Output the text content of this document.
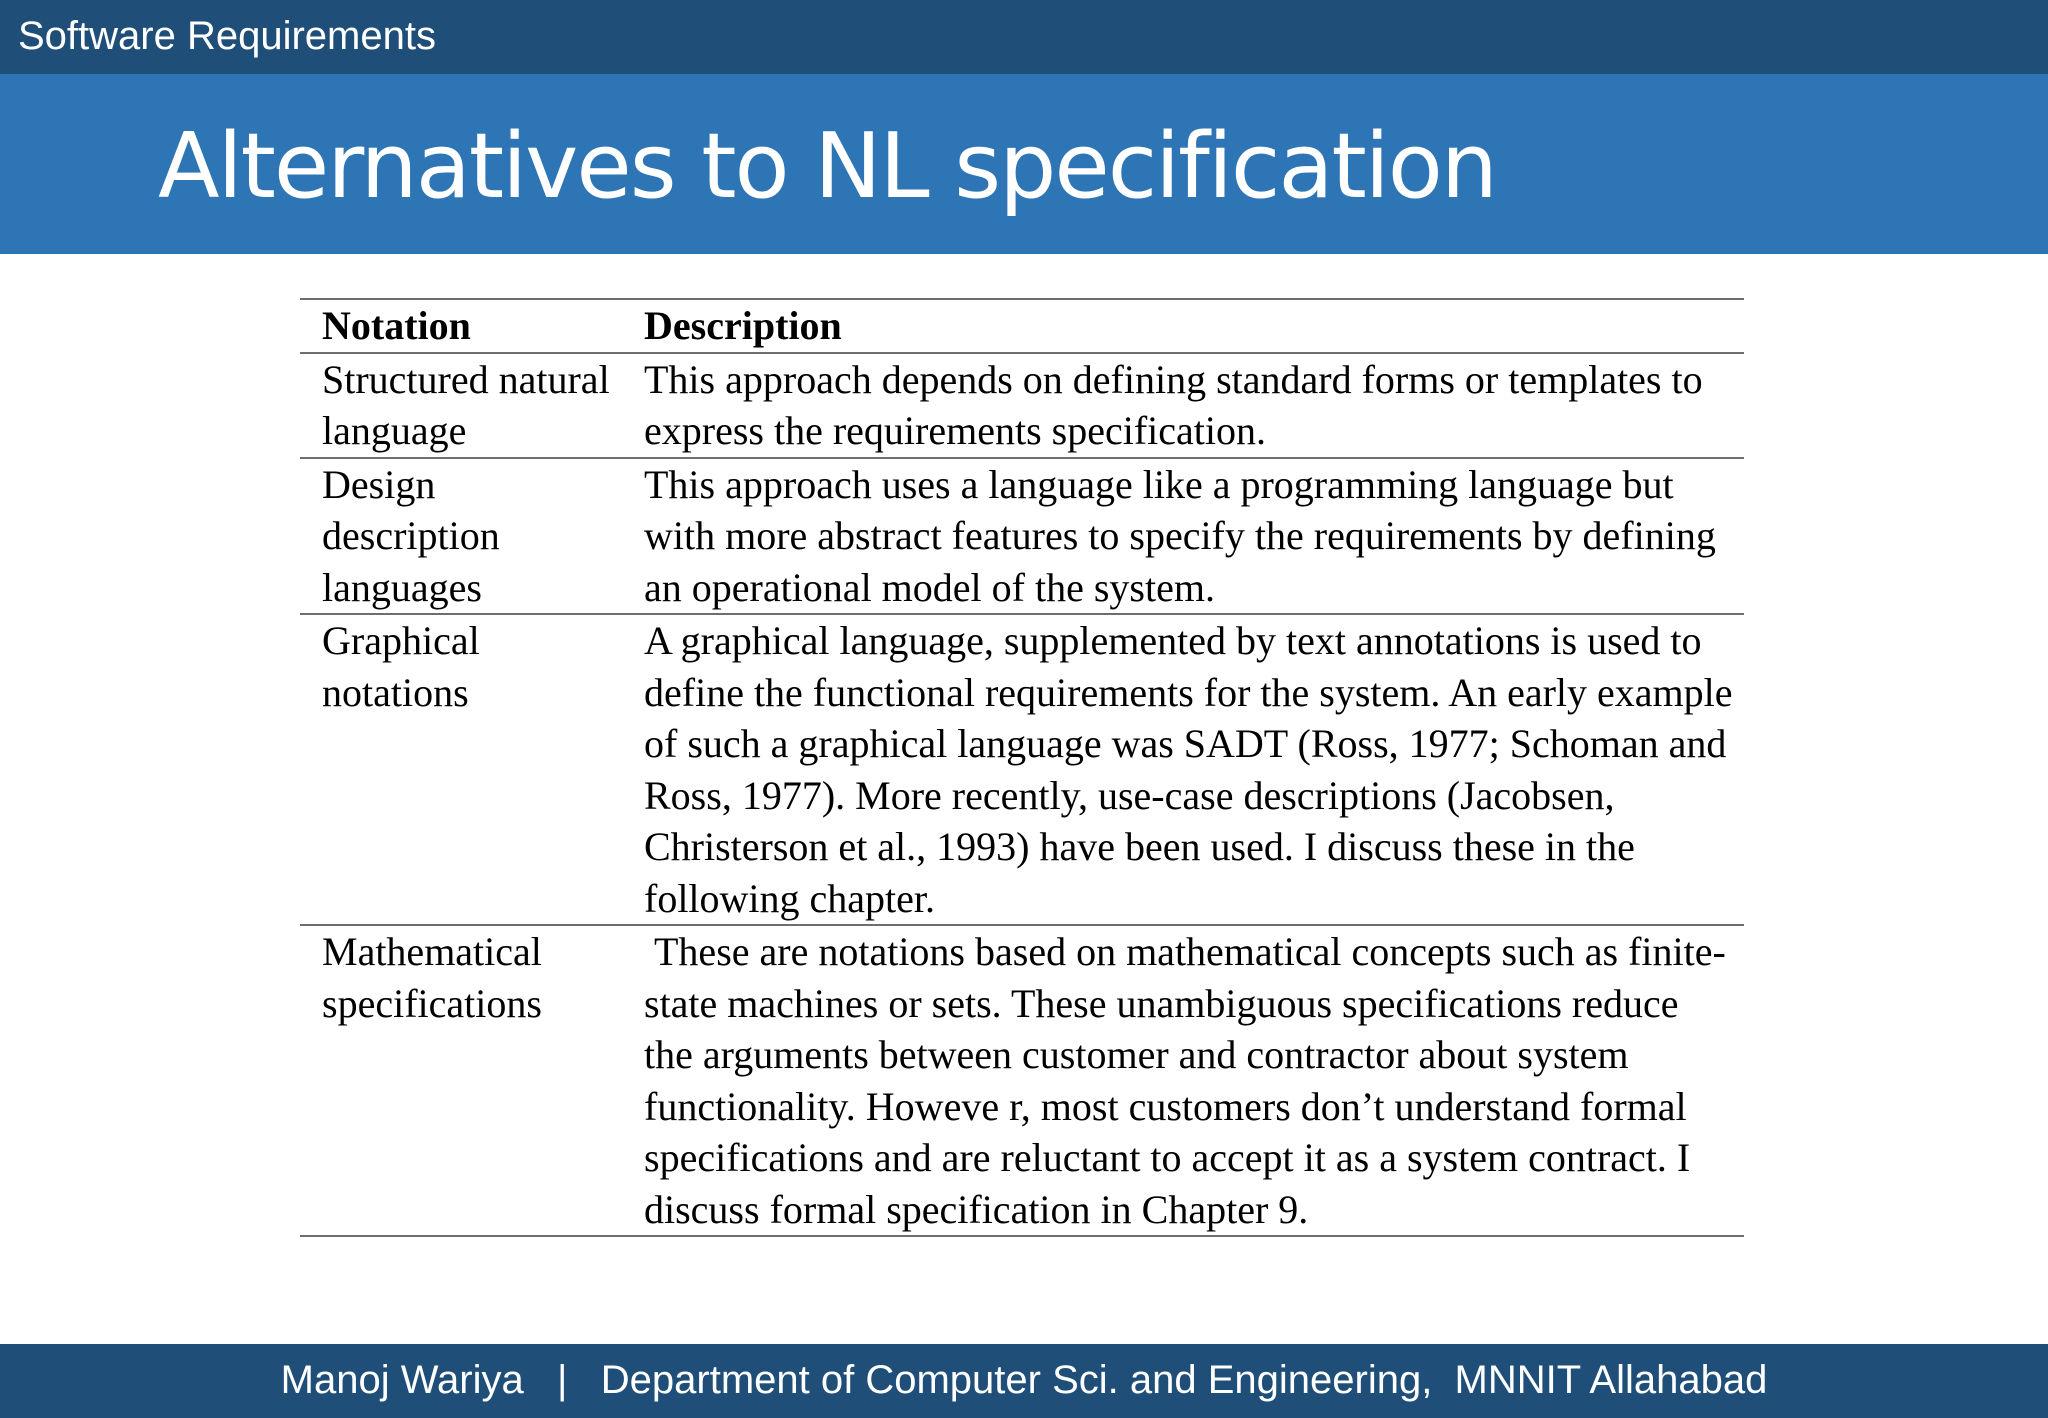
Software Requirements
Alternatives to NL specification
Notation	Description
Structured natural language	This approach depends on defining standard forms or templates to express the requirements specification.
Design description languages	This approach uses a language like a programming language but with more abstract features to specify the requirements by defining an operational model of the system.
Graphical notations	A graphical language, supplemented by text annotations is used to define the functional requirements for the system. An early example of such a graphical language was SADT (Ross, 1977; Schoman and Ross, 1977). More recently, use-case descriptions (Jacobsen, Christerson et al., 1993) have been used. I discuss these in the following chapter.
Mathematical specifications	These are notations based on mathematical concepts such as finite-state machines or sets. These unambiguous specifications reduce the arguments between customer and contractor about system functionality. Howeve r, most customers don’t understand formal specifications and are reluctant to accept it as a system contract. I discuss formal specification in Chapter 9.
Manoj Wariya   |   Department of Computer Sci. and Engineering,  MNNIT Allahabad
